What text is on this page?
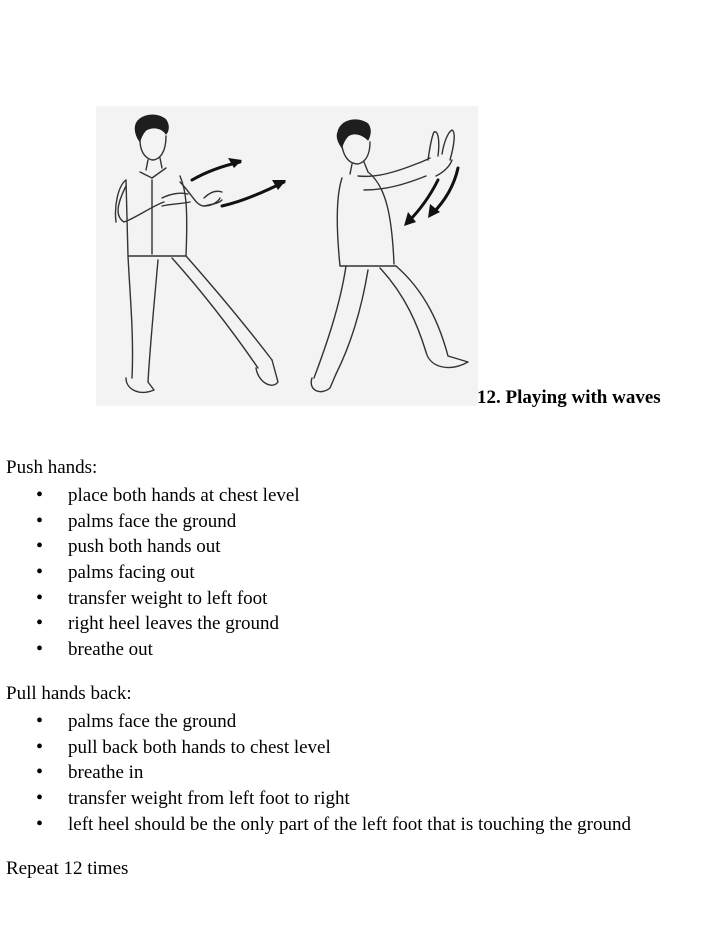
12. Playing with waves
Push hands:
• place both hands at chest level
• palms face the ground
• push both hands out
• palms facing out
• transfer weight to left foot
• right heel leaves the ground
• breathe out
Pull hands back:
• palms face the ground
• pull back both hands to chest level
• breathe in
• transfer weight from left foot to right
• left heel should be the only part of the left foot that is touching the ground
Repeat 12 times
